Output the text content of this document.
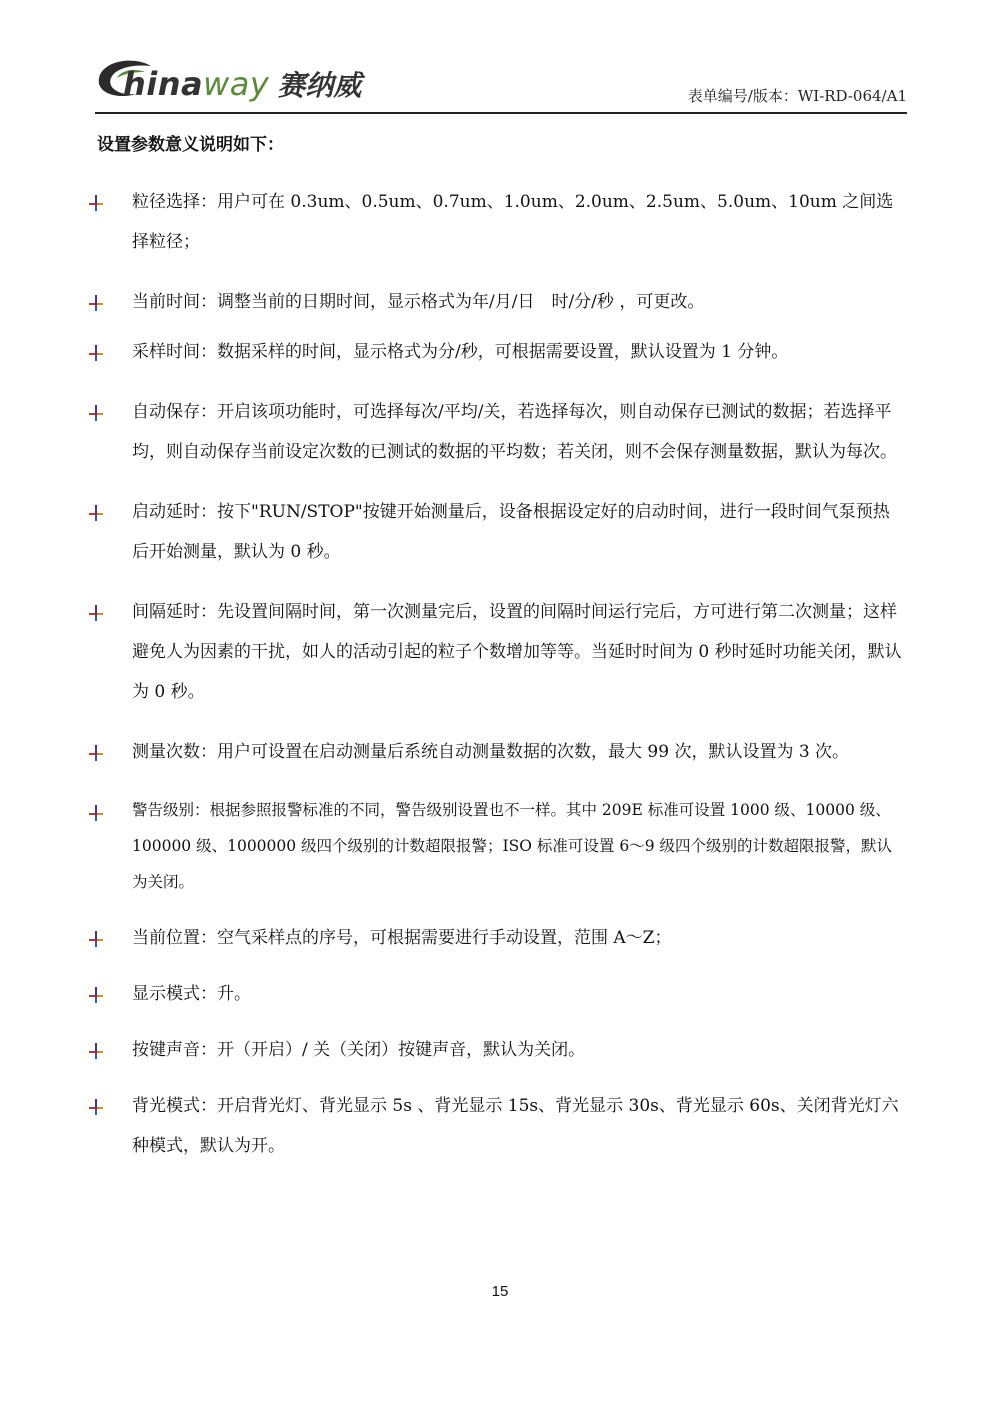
hinaway 赛纳威	表单编号/版本：WI-RD-064/A1
设置参数意义说明如下：
粒径选择：用户可在 0.3um、0.5um、0.7um、1.0um、2.0um、2.5um、5.0um、10um 之间选择粒径；
当前时间：调整当前的日期时间，显示格式为年/月/日　时/分/秒 ，可更改。
采样时间：数据采样的时间，显示格式为分/秒，可根据需要设置，默认设置为 1 分钟。
自动保存：开启该项功能时，可选择每次/平均/关，若选择每次，则自动保存已测试的数据；若选择平均，则自动保存当前设定次数的已测试的数据的平均数；若关闭，则不会保存测量数据，默认为每次。
启动延时：按下"RUN/STOP"按键开始测量后，设备根据设定好的启动时间，进行一段时间气泵预热后开始测量，默认为 0 秒。
间隔延时：先设置间隔时间，第一次测量完后，设置的间隔时间运行完后，方可进行第二次测量；这样避免人为因素的干扰，如人的活动引起的粒子个数增加等等。当延时时间为 0 秒时延时功能关闭，默认为 0 秒。
测量次数：用户可设置在启动测量后系统自动测量数据的次数，最大 99 次，默认设置为 3 次。
警告级别：根据参照报警标准的不同，警告级别设置也不一样。其中 209E 标准可设置 1000 级、10000 级、100000 级、1000000 级四个级别的计数超限报警；ISO 标准可设置 6～9 级四个级别的计数超限报警，默认为关闭。
当前位置：空气采样点的序号，可根据需要进行手动设置，范围 A～Z；
显示模式：升。
按键声音：开（开启）/ 关（关闭）按键声音，默认为关闭。
背光模式：开启背光灯、背光显示 5s 、背光显示 15s、背光显示 30s、背光显示 60s、关闭背光灯六种模式，默认为开。
15
